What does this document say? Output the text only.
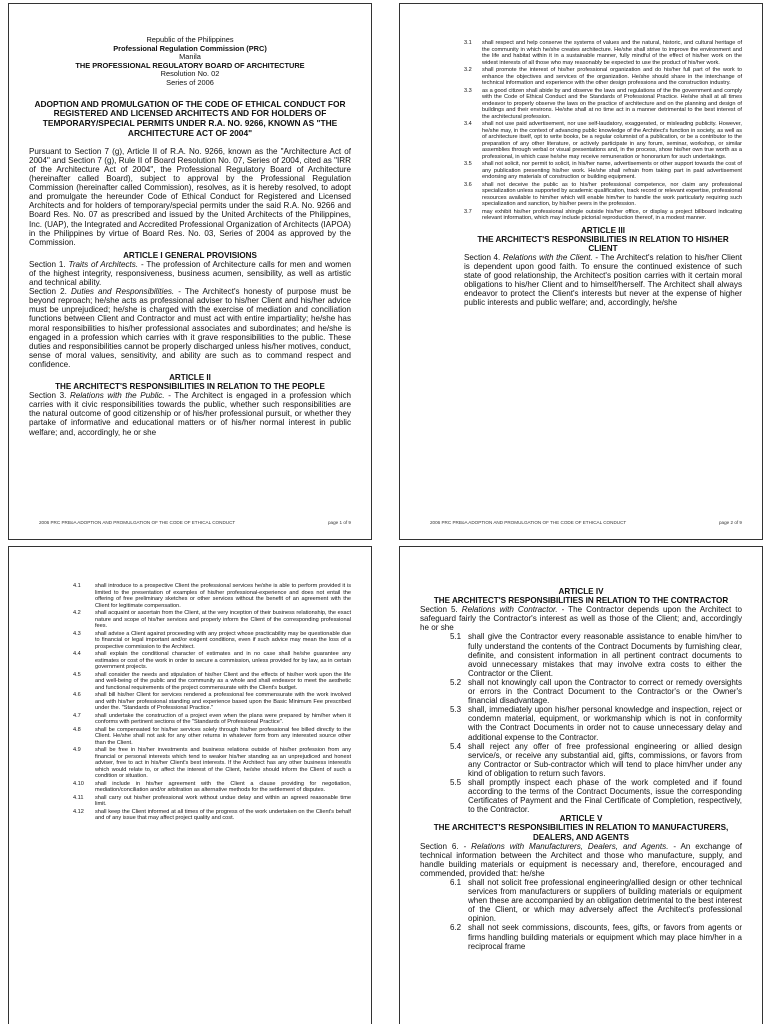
Republic of the Philippines
Professional Regulation Commission (PRC)
Manila
THE PROFESSIONAL REGULATORY BOARD OF ARCHITECTURE
Resolution No. 02
Series of 2006
ADOPTION AND PROMULGATION OF THE CODE OF ETHICAL CONDUCT FOR REGISTERED AND LICENSED ARCHITECTS AND FOR HOLDERS OF TEMPORARY/SPECIAL PERMITS UNDER R.A. NO. 9266, KNOWN AS "THE ARCHITECTURE ACT OF 2004"
Pursuant to Section 7 (g), Article II of R.A. No. 9266, known as the "Architecture Act of 2004" and Section 7 (g), Rule II of Board Resolution No. 07, Series of 2004, cited as "IRR of the Architecture Act of 2004", the Professional Regulatory Board of Architecture (hereinafter called Board), subject to approval by the Professional Regulation Commission (hereinafter called Commission), resolves, as it is hereby resolved, to adopt and promulgate the hereunder Code of Ethical Conduct for Registered and Licensed Architects and for holders of temporary/special permits under the said R.A. No. 9266 and Board Res. No. 07 as prescribed and issued by the United Architects of the Philippines, Inc. (UAP), the Integrated and Accredited Professional Organization of Architects (IAPOA) in the Philippines by virtue of Board Res. No. 03, Series of 2004 as approved by the Commission.
ARTICLE I GENERAL PROVISIONS
Section 1. Traits of Architects. - The profession of Architecture calls for men and women of the highest integrity, responsiveness, business acumen, sensibility, as well as artistic and technical ability.
Section 2. Duties and Responsibilities. - The Architect's honesty of purpose must be beyond reproach; he/she acts as professional adviser to his/her Client and his/her advice must be unprejudiced; he/she is charged with the exercise of mediation and conciliation functions between Client and Contractor and must act with entire impartiality; he/she has moral responsibilities to his/her professional associates and subordinates; and he/she is engaged in a profession which carries with it grave responsibilities to the public. These duties and responsibilities cannot be properly discharged unless his/her motives, conduct, sense of moral values, sensitivity, and ability are such as to command respect and confidence.
ARTICLE II
THE ARCHITECT'S RESPONSIBILITIES IN RELATION TO THE PEOPLE
Section 3. Relations with the Public. - The Architect is engaged in a profession which carries with it civic responsibilities towards the public, whether such responsibilities are the natural outcome of good citizenship or of his/her professional pursuit, or whether they partake of informative and educational matters or of his/her normal interest in public welfare; and, accordingly, he or she
2006 PRC PRBoA ADOPTION AND PROMULGATION OF THE CODE OF ETHICAL CONDUCT	page 1 of 9
3.1	shall respect and help conserve the systems of values and the natural, historic, and cultural heritage of the community in which he/she creates architecture. He/she shall strive to improve the environment and the life and habitat within it in a sustainable manner, fully mindful of the effect of his/her work on the widest interests of all those who may reasonably be expected to use the product of his/her work.
3.2	shall promote the interest of his/her professional organization and do his/her full part of the work to enhance the objectives and services of the organization. He/she should share in the interchange of technical information and experience with the other design professions and the construction industry.
3.3	as a good citizen shall abide by and observe the laws and regulations of the the government and comply with the Code of Ethical Conduct and the Standards of Professional Practice. He/she shall at all times endeavor to properly observe the laws on the practice of architecture and on the planning and design of buildings and their environs. He/she shall at no time act in a manner detrimental to the best interest of the architectural profession.
3.4	shall not use paid advertisement, nor use self-laudatory, exaggerated, or misleading publicity. However, he/she may, in the context of advancing public knowledge of the Architect's function in society, as well as of architecture itself, opt to write books, be a regular columnist of a publication, or be a contributor to the preparation of any other literature, or actively participate in any forum, seminar, workshop, or similar assemblies through verbal or visual presentations and, in the process, show his/her own true worth as a professional, in which case he/she may receive remuneration or honorarium for such undertakings.
3.5	shall not solicit, nor permit to solicit, in his/her name, advertisements or other support towards the cost of any publication presenting his/her work. He/she shall refrain from taking part in paid advertisement endorsing any materials of construction or building equipment.
3.6	shall not deceive the public as to his/her professional competence, nor claim any professional specialization unless supported by academic qualification, track record or relevant expertise, professional resources available to him/her which will enable him/her to handle the work particularly requiring such specialization and sanction, by his/her peers in the profession.
3.7	may exhibit his/her professional shingle outside his/her office, or display a project billboard indicating relevant information, which may include pictorial reproduction thereof, in a modest manner.
ARTICLE III
THE ARCHITECT'S RESPONSIBILITIES IN RELATION TO HIS/HER CLIENT
Section 4. Relations with the Client. - The Architect's relation to his/her Client is dependent upon good faith. To ensure the continued existence of such state of good relationship, the Architect's position carries with it certain moral obligations to his/her Client and to himself/herself. The Architect shall always endeavor to protect the Client's interests but never at the expense of higher public interests and public welfare; and, accordingly, he/she
2006 PRC PRBoA ADOPTION AND PROMULGATION OF THE CODE OF ETHICAL CONDUCT	page 2 of 9
4.1	shall introduce to a prospective Client the professional services he/she is able to perform provided it is limited to the presentation of examples of his/her professional-experience and does not entail the offering of free preliminary sketches or other services without the benefit of an agreement with the Client for legitimate compensation.
4.2	shall acquaint or ascertain from the Client, at the very inception of their business relationship, the exact nature and scope of his/her services and properly inform the Client of the corresponding professional fees.
4.3	shall advise a Client against proceeding with any project whose practicability may be questionable due to financial or legal important and/or exigent conditions, even if such advice may mean the loss of a prospective commission to the Architect.
4.4	shall explain the conditional character of estimates and in no case shall he/she guarantee any estimates or cost of the work in order to secure a commission, unless provided for by law, as in certain government projects.
4.5	shall consider the needs and stipulation of his/her Client and the effects of his/her work upon the life and well-being of the public and the community as a whole and shall endeavor to meet the aesthetic and functional requirements of the project commensurate with the Client's budget.
4.6	shall bill his/her Client for services rendered a professional fee commensurate with the work involved and with his/her professional standing and experience based upon the Basic Minimum Fee prescribed under the. "Standards of Professional Practice."
4.7	shall undertake the construction of a project even when the plans were prepared by him/her when it conforms with pertinent sections of the "Standards of Professional Practice".
4.8	shall be compensated for his/her services solely through his/her professional fee billed directly to the Client. He/she shall not ask for any other returns in whatever form from any interested source other than the Client.
4.9	shall be free in his/her investments and business relations outside of his/her profession from any financial or personal interests which tend to weaker his/her standing as an unprejudiced and honest adviser, free to act in his/her Client's best interests. If the Architect has any other business interest/s which would relate to, or affect the interest of the Client, he/she should inform the Client of such a condition or situation.
4.10	shall include in his/her agreement with the Client a clause providing for negotiation, mediation/conciliation and/or arbitration as alternative methods for the settlement of disputes.
4.11	shall carry out his/her professional work without undue delay and within an agreed reasonable time limit.
4.12	shall keep the Client informed at all times of the progress of the work undertaken on the Client's behalf and of any issue that may affect project quality and cost.
ARTICLE IV
THE ARCHITECT'S RESPONSIBILITIES IN RELATION TO THE CONTRACTOR
Section 5. Relations with Contractor. - The Contractor depends upon the Architect to safeguard fairly the Contractor's interest as well as those of the Client; and, accordingly he or she
5.1 shall give the Contractor every reasonable assistance to enable him/her to fully understand the contents of the Contract Documents by furnishing clear, definite, and consistent information in all pertinent contract documents to avoid unnecessary mistakes that may involve extra costs to either the Contractor or the Client.
5.2 shall not knowingly call upon the Contractor to correct or remedy oversights or errors in the Contract Document to the Contractor's or the Owner's financial disadvantage.
5.3 shall, immediately upon his/her personal knowledge and inspection, reject or condemn material, equipment, or workmanship which is not in conformity with the Contract Documents in order not to cause unnecessary delay and additional expense to the Contractor.
5.4 shall reject any offer of free professional engineering or allied design service/s, or receive any substantial aid, gifts, commissions, or favors from any Contractor or Sub-contractor which will tend to place him/her under any kind of obligation to return such favors.
5.5 shall promptly inspect each phase of the work completed and if found according to the terms of the Contract Documents, issue the corresponding Certificates of Payment and the Final Certificate of Completion, respectively, to the Contractor.
ARTICLE V
THE ARCHITECT'S RESPONSIBILITIES IN RELATION TO MANUFACTURERS, DEALERS, AND AGENTS
Section 6. - Relations with Manufacturers, Dealers, and Agents. - An exchange of technical information between the Architect and those who manufacture, supply, and handle building materials or equipment is necessary and, therefore, encouraged and commended, provided that: he/she
6.1 shall not solicit free professional engineering/allied design or other technical services from manufacturers or suppliers of building materials or equipment when these are accompanied by an obligation detrimental to the best interest of the Client, or which may adversely affect the Architect's professional opinion.
6.2 shall not seek commissions, discounts, fees, gifts, or favors from agents or firms handling building materials or equipment which may place him/her in a reciprocal frame
